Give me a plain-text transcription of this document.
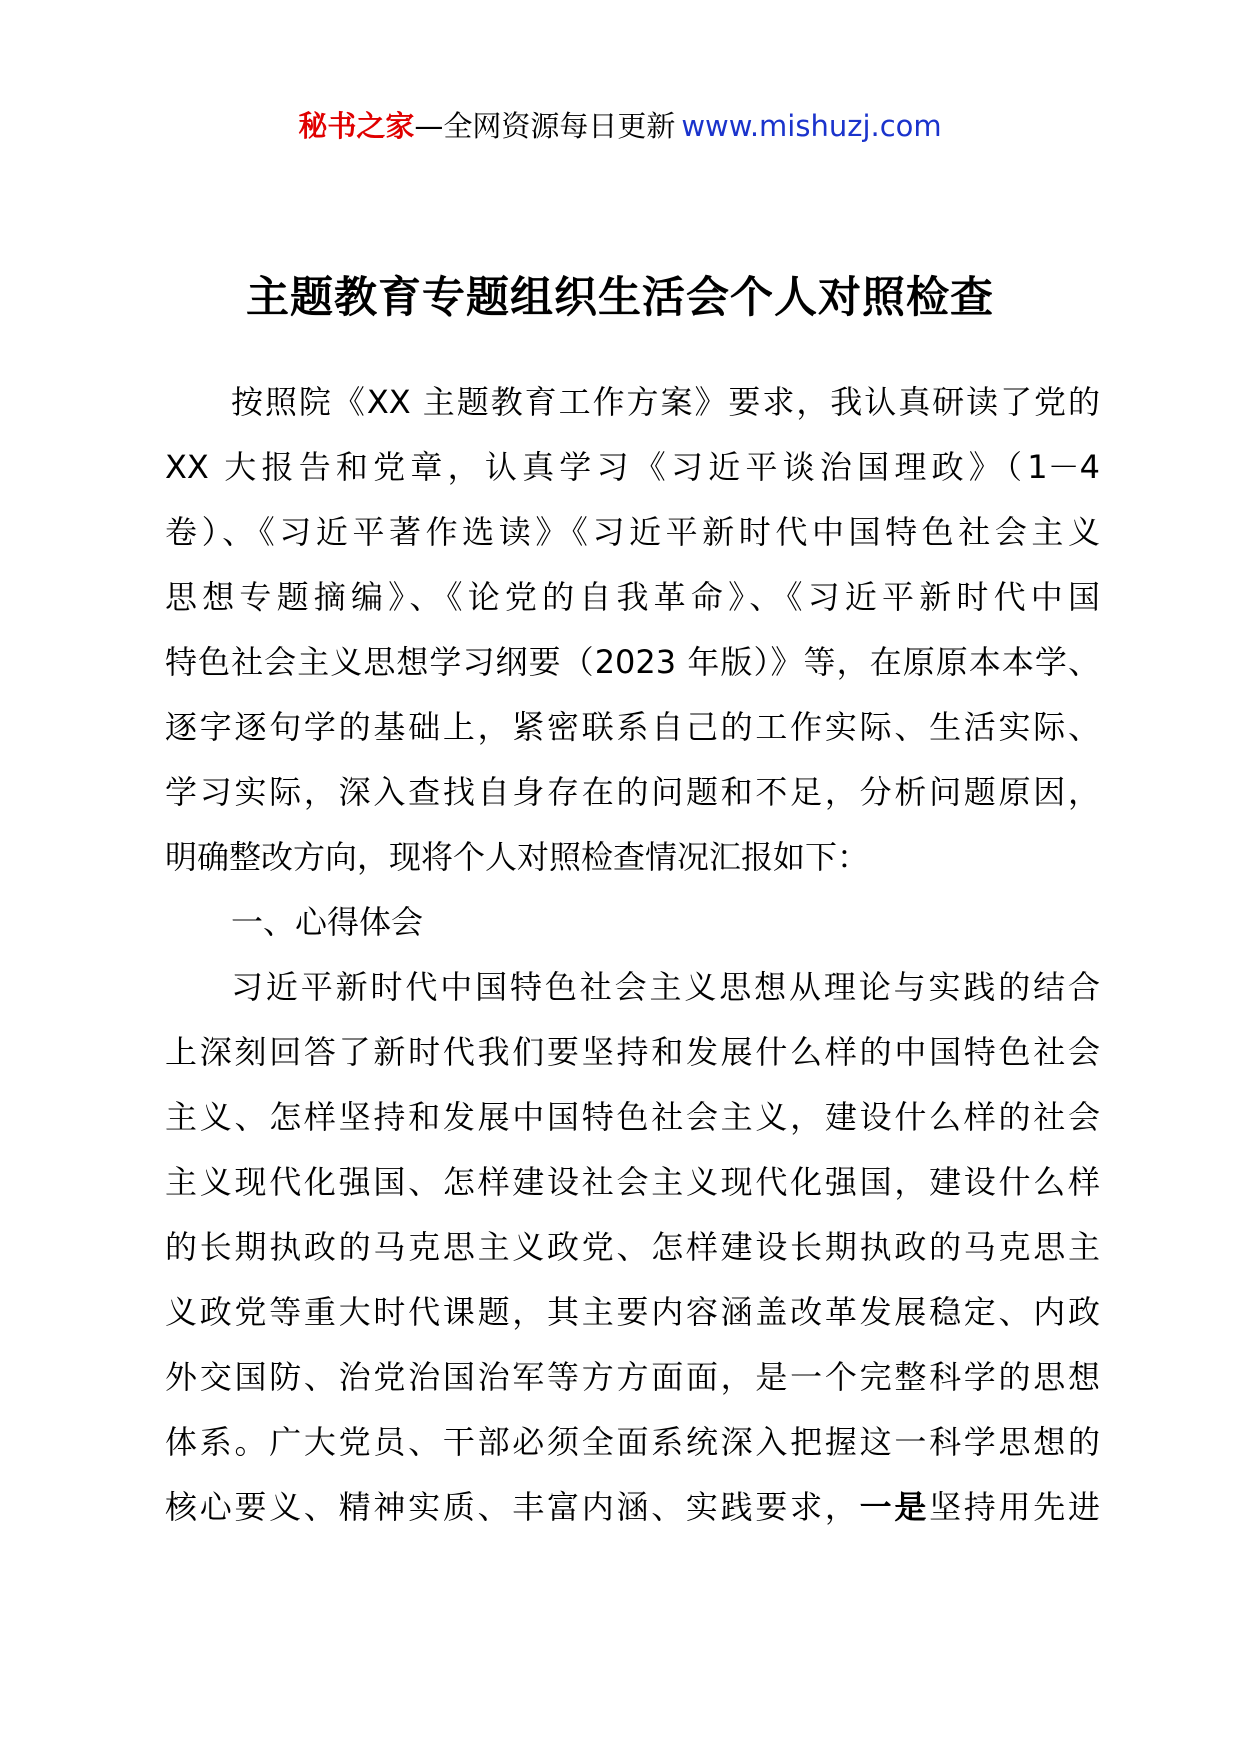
秘书之家—全网资源每日更新 www.mishuzj.com
主题教育专题组织生活会个人对照检查
按照院《XX 主题教育工作方案》要求，我认真研读了党的
XX 大报告和党章，认真学习《习近平谈治国理政》（1－4
卷）、《习近平著作选读》《习近平新时代中国特色社会主义
思想专题摘编》、《论党的自我革命》、《习近平新时代中国
特色社会主义思想学习纲要（2023 年版）》等，在原原本本学、
逐字逐句学的基础上，紧密联系自己的工作实际、生活实际、
学习实际，深入查找自身存在的问题和不足，分析问题原因，
明确整改方向，现将个人对照检查情况汇报如下：
一、心得体会
习近平新时代中国特色社会主义思想从理论与实践的结合
上深刻回答了新时代我们要坚持和发展什么样的中国特色社会
主义、怎样坚持和发展中国特色社会主义，建设什么样的社会
主义现代化强国、怎样建设社会主义现代化强国，建设什么样
的长期执政的马克思主义政党、怎样建设长期执政的马克思主
义政党等重大时代课题，其主要内容涵盖改革发展稳定、内政
外交国防、治党治国治军等方方面面，是一个完整科学的思想
体系。广大党员、干部必须全面系统深入把握这一科学思想的
核心要义、精神实质、丰富内涵、实践要求，一是坚持用先进
